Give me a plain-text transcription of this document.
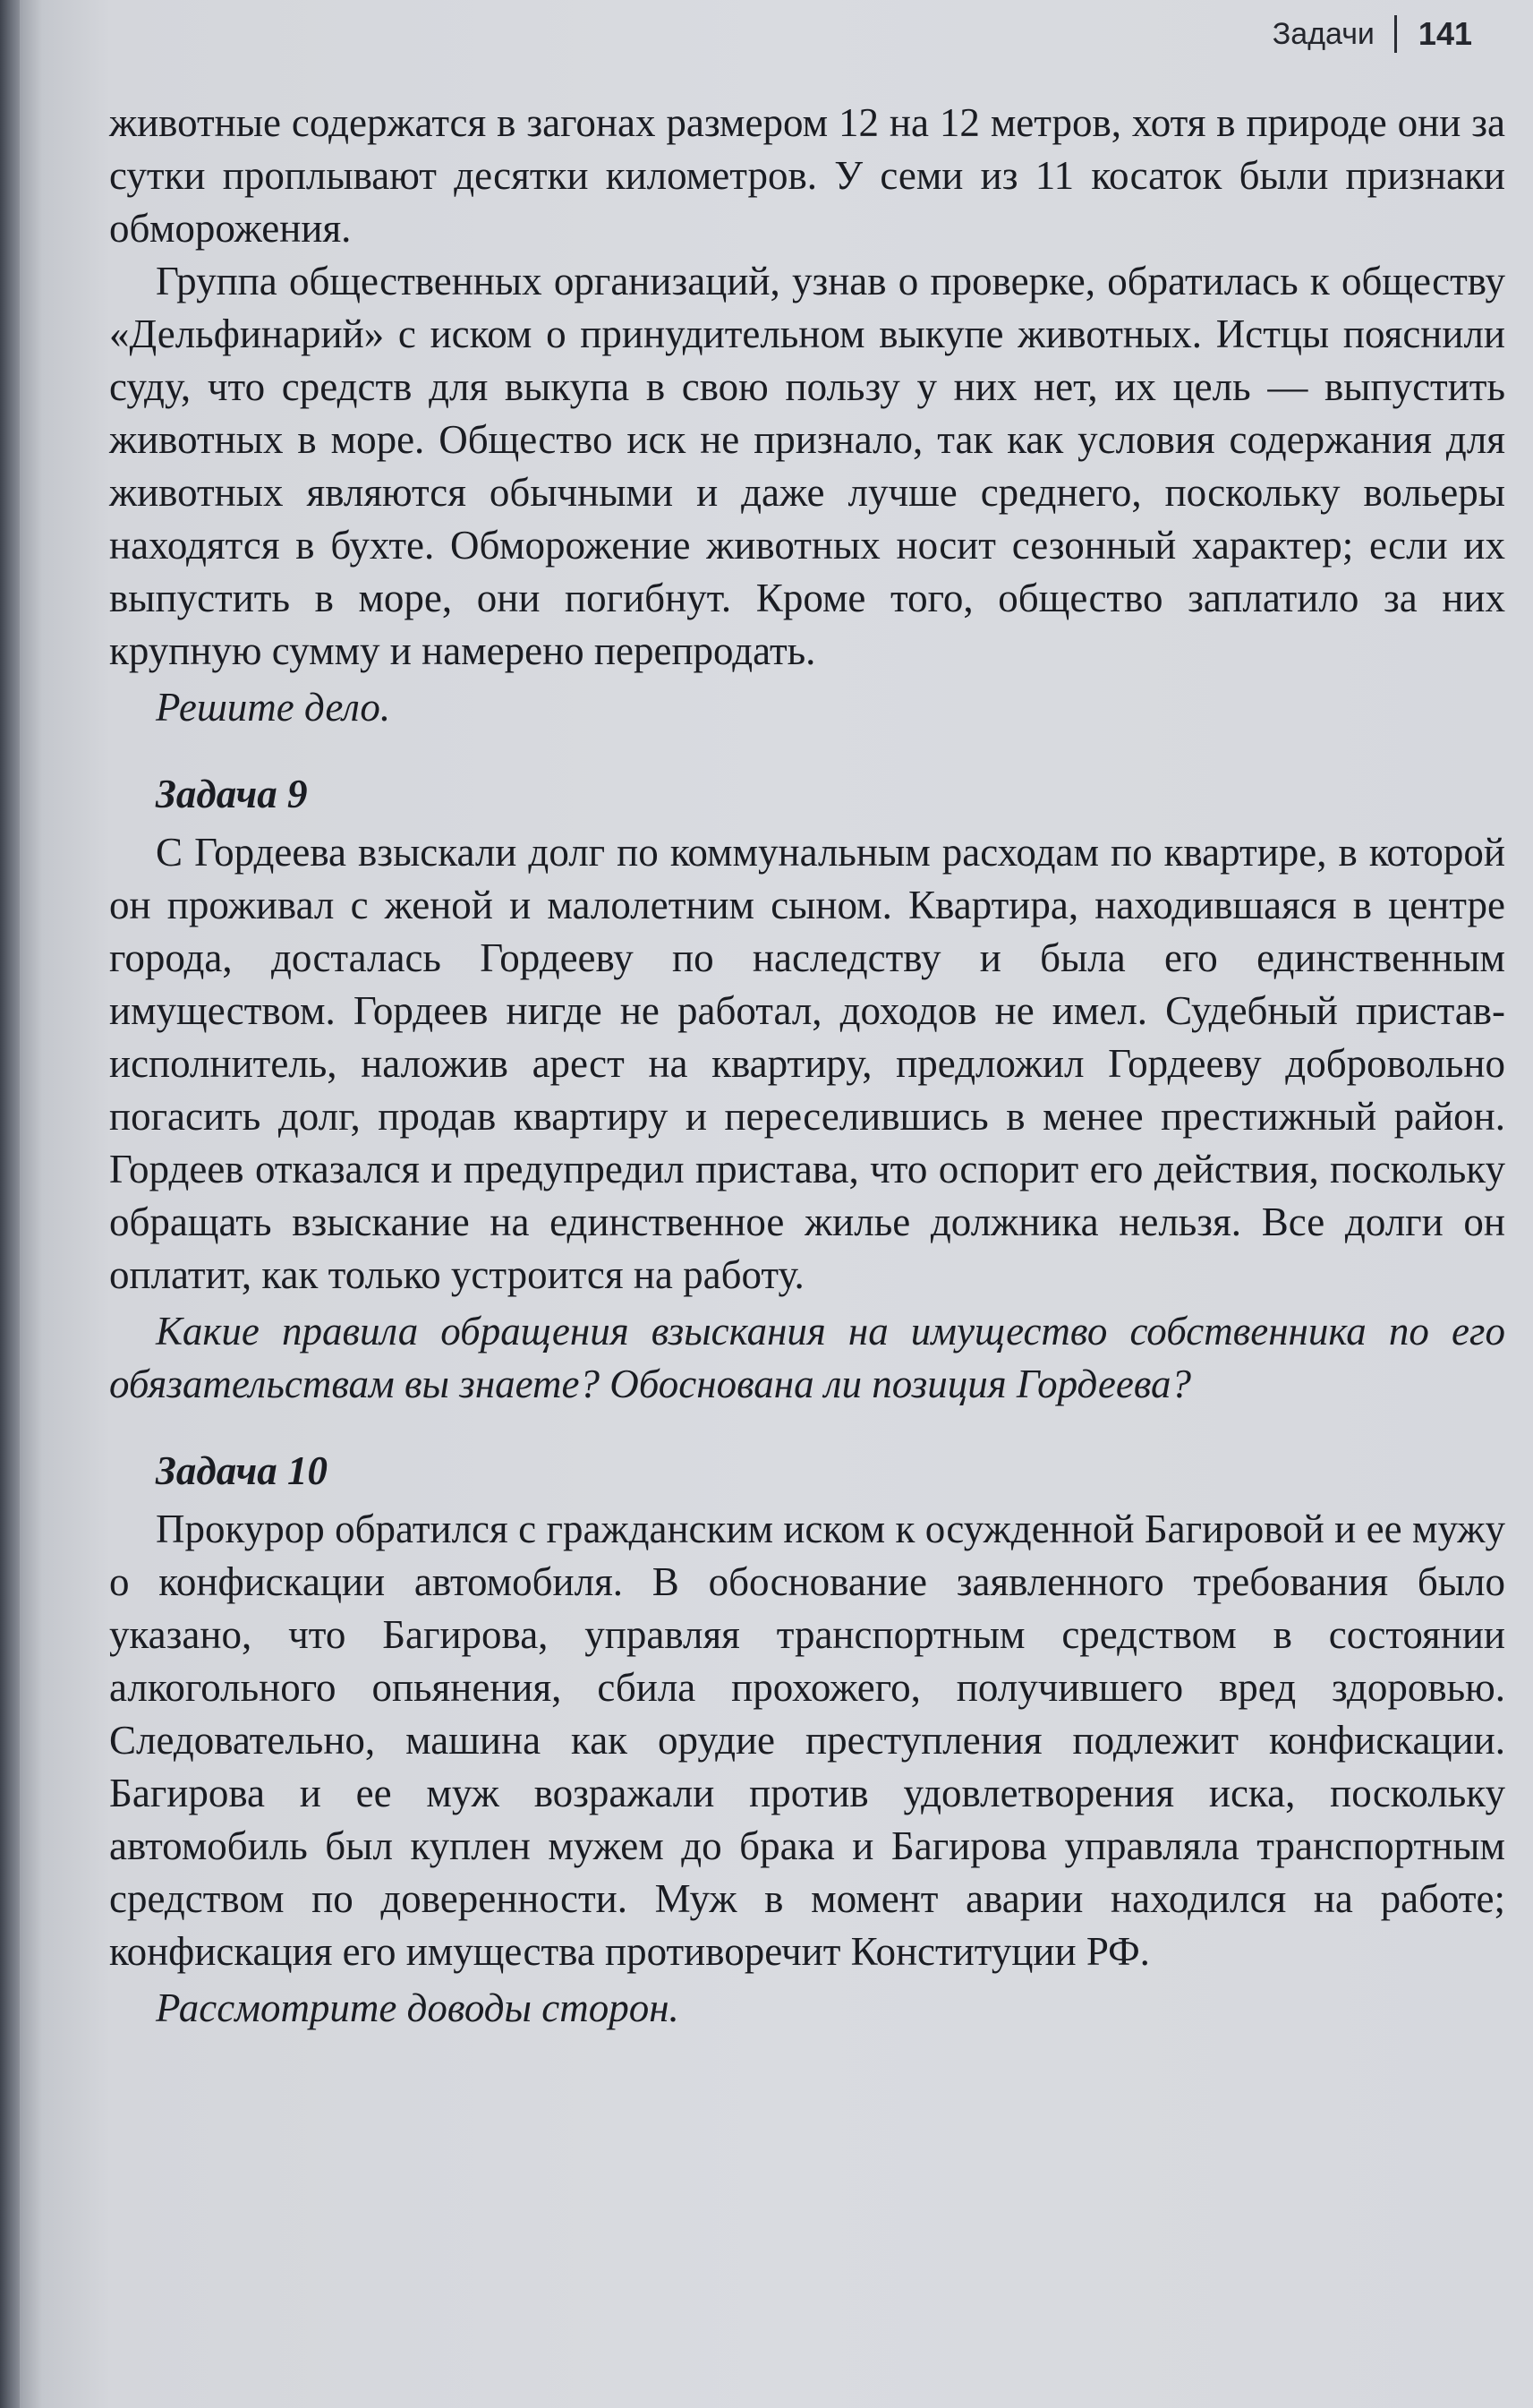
Задачи 141

животные содержатся в загонах размером 12 на 12 метров, хотя в природе они за сутки проплывают десятки километров. У семи из 11 косаток были признаки обморожения.

Группа общественных организаций, узнав о проверке, обратилась к обществу «Дельфинарий» с иском о принудительном выкупе животных. Истцы пояснили суду, что средств для выкупа в свою пользу у них нет, их цель — выпустить животных в море. Общество иск не признало, так как условия содержания для животных являются обычными и даже лучше среднего, поскольку вольеры находятся в бухте. Обморожение животных носит сезонный характер; если их выпустить в море, они погибнут. Кроме того, общество заплатило за них крупную сумму и намерено перепродать.

Решите дело.

Задача 9

С Гордеева взыскали долг по коммунальным расходам по квартире, в которой он проживал с женой и малолетним сыном. Квартира, находившаяся в центре города, досталась Гордееву по наследству и была его единственным имуществом. Гордеев нигде не работал, доходов не имел. Судебный пристав-исполнитель, наложив арест на квартиру, предложил Гордееву добровольно погасить долг, продав квартиру и переселившись в менее престижный район. Гордеев отказался и предупредил пристава, что оспорит его действия, поскольку обращать взыскание на единственное жилье должника нельзя. Все долги он оплатит, как только устроится на работу.

Какие правила обращения взыскания на имущество собственника по его обязательствам вы знаете? Обоснована ли позиция Гордеева?

Задача 10

Прокурор обратился с гражданским иском к осужденной Багировой и ее мужу о конфискации автомобиля. В обоснование заявленного требования было указано, что Багирова, управляя транспортным средством в состоянии алкогольного опьянения, сбила прохожего, получившего вред здоровью. Следовательно, машина как орудие преступления подлежит конфискации. Багирова и ее муж возражали против удовлетворения иска, поскольку автомобиль был куплен мужем до брака и Багирова управляла транспортным средством по доверенности. Муж в момент аварии находился на работе; конфискация его имущества противоречит Конституции РФ.

Рассмотрите доводы сторон.
